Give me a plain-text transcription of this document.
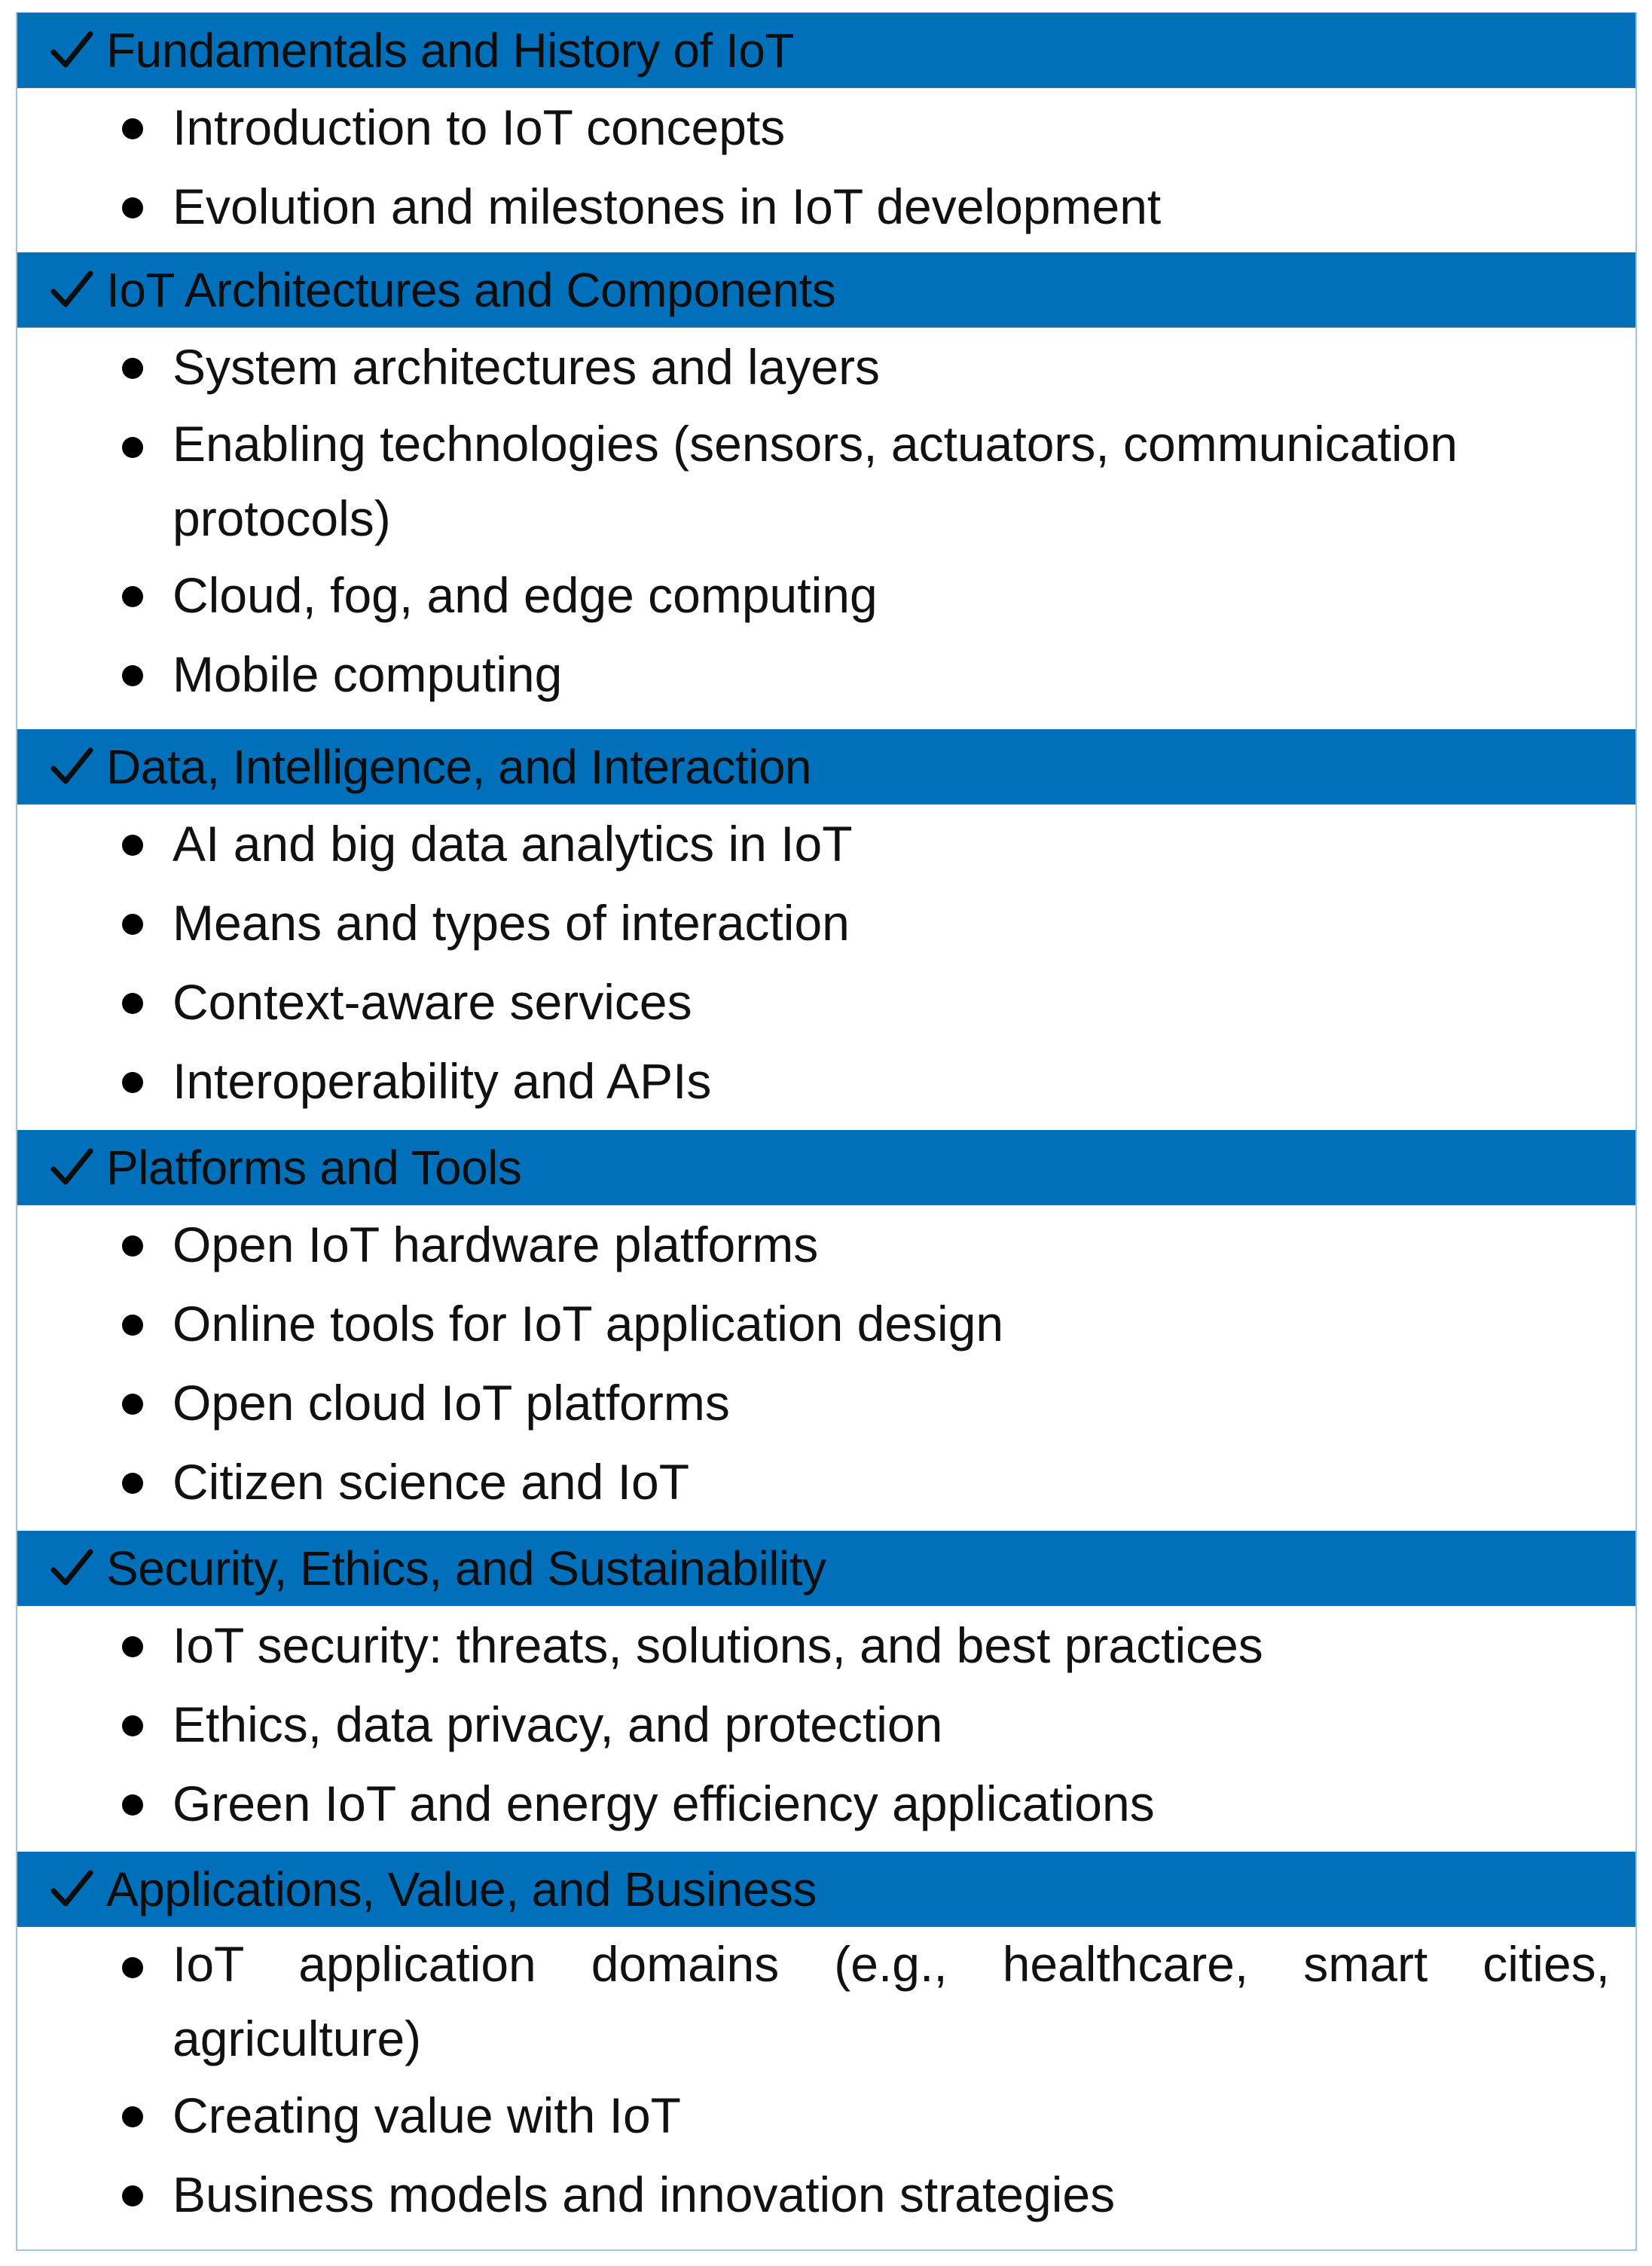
Fundamentals and History of IoT
Introduction to IoT concepts
Evolution and milestones in IoT development
IoT Architectures and Components
System architectures and layers
Enabling technologies (sensors, actuators, communication protocols)
Cloud, fog, and edge computing
Mobile computing
Data, Intelligence, and Interaction
AI and big data analytics in IoT
Means and types of interaction
Context-aware services
Interoperability and APIs
Platforms and Tools
Open IoT hardware platforms
Online tools for IoT application design
Open cloud IoT platforms
Citizen science and IoT
Security, Ethics, and Sustainability
IoT security: threats, solutions, and best practices
Ethics, data privacy, and protection
Green IoT and energy efficiency applications
Applications, Value, and Business
IoT application domains (e.g., healthcare, smart cities, agriculture)
Creating value with IoT
Business models and innovation strategies
